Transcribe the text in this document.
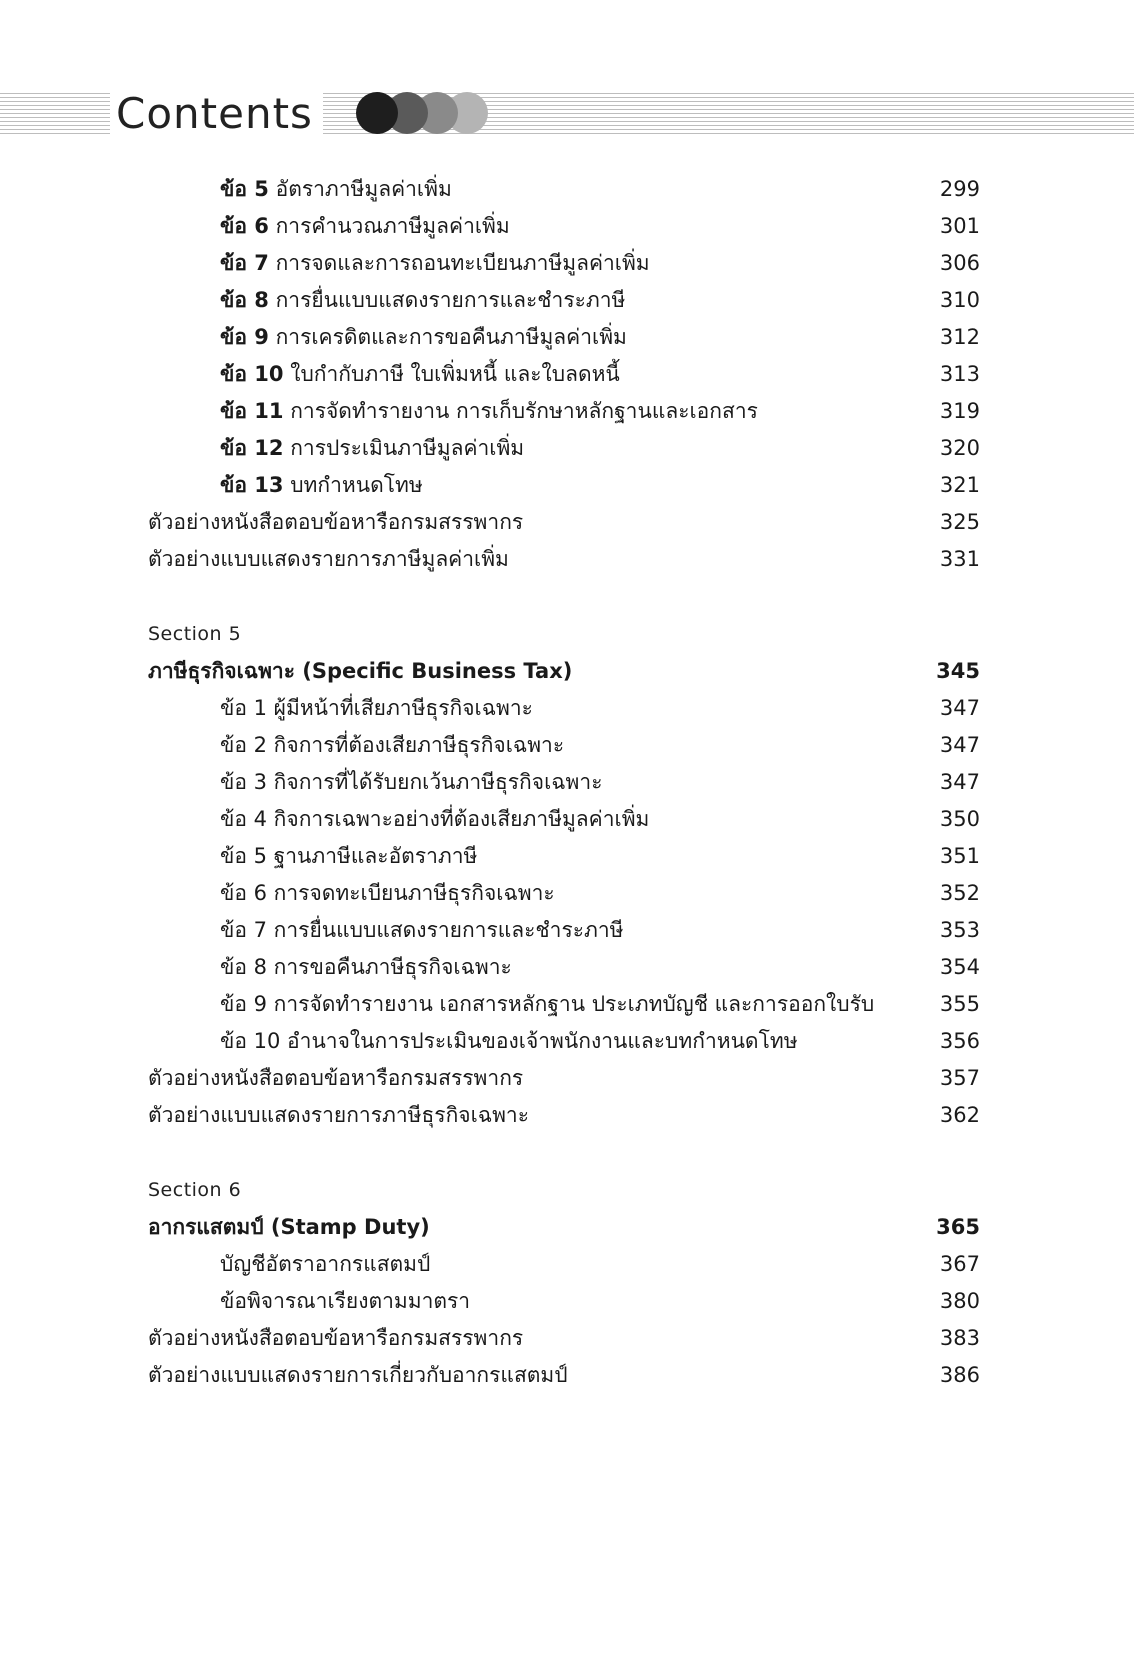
Contents
ข้อ 5 อัตราภาษีมูลค่าเพิ่ม	299
ข้อ 6 การคำนวณภาษีมูลค่าเพิ่ม	301
ข้อ 7 การจดและการถอนทะเบียนภาษีมูลค่าเพิ่ม	306
ข้อ 8 การยื่นแบบแสดงรายการและชำระภาษี	310
ข้อ 9 การเครดิตและการขอคืนภาษีมูลค่าเพิ่ม	312
ข้อ 10 ใบกำกับภาษี ใบเพิ่มหนี้ และใบลดหนี้	313
ข้อ 11 การจัดทำรายงาน การเก็บรักษาหลักฐานและเอกสาร	319
ข้อ 12 การประเมินภาษีมูลค่าเพิ่ม	320
ข้อ 13 บทกำหนดโทษ	321
ตัวอย่างหนังสือตอบข้อหารือกรมสรรพากร	325
ตัวอย่างแบบแสดงรายการภาษีมูลค่าเพิ่ม	331
Section 5
ภาษีธุรกิจเฉพาะ (Specific Business Tax)	345
ข้อ 1 ผู้มีหน้าที่เสียภาษีธุรกิจเฉพาะ	347
ข้อ 2 กิจการที่ต้องเสียภาษีธุรกิจเฉพาะ	347
ข้อ 3 กิจการที่ได้รับยกเว้นภาษีธุรกิจเฉพาะ	347
ข้อ 4 กิจการเฉพาะอย่างที่ต้องเสียภาษีมูลค่าเพิ่ม	350
ข้อ 5 ฐานภาษีและอัตราภาษี	351
ข้อ 6 การจดทะเบียนภาษีธุรกิจเฉพาะ	352
ข้อ 7 การยื่นแบบแสดงรายการและชำระภาษี	353
ข้อ 8 การขอคืนภาษีธุรกิจเฉพาะ	354
ข้อ 9 การจัดทำรายงาน เอกสารหลักฐาน ประเภทบัญชี และการออกใบรับ	355
ข้อ 10 อำนาจในการประเมินของเจ้าพนักงานและบทกำหนดโทษ	356
ตัวอย่างหนังสือตอบข้อหารือกรมสรรพากร	357
ตัวอย่างแบบแสดงรายการภาษีธุรกิจเฉพาะ	362
Section 6
อากรแสตมป์ (Stamp Duty)	365
บัญชีอัตราอากรแสตมป์	367
ข้อพิจารณาเรียงตามมาตรา	380
ตัวอย่างหนังสือตอบข้อหารือกรมสรรพากร	383
ตัวอย่างแบบแสดงรายการเกี่ยวกับอากรแสตมป์	386
